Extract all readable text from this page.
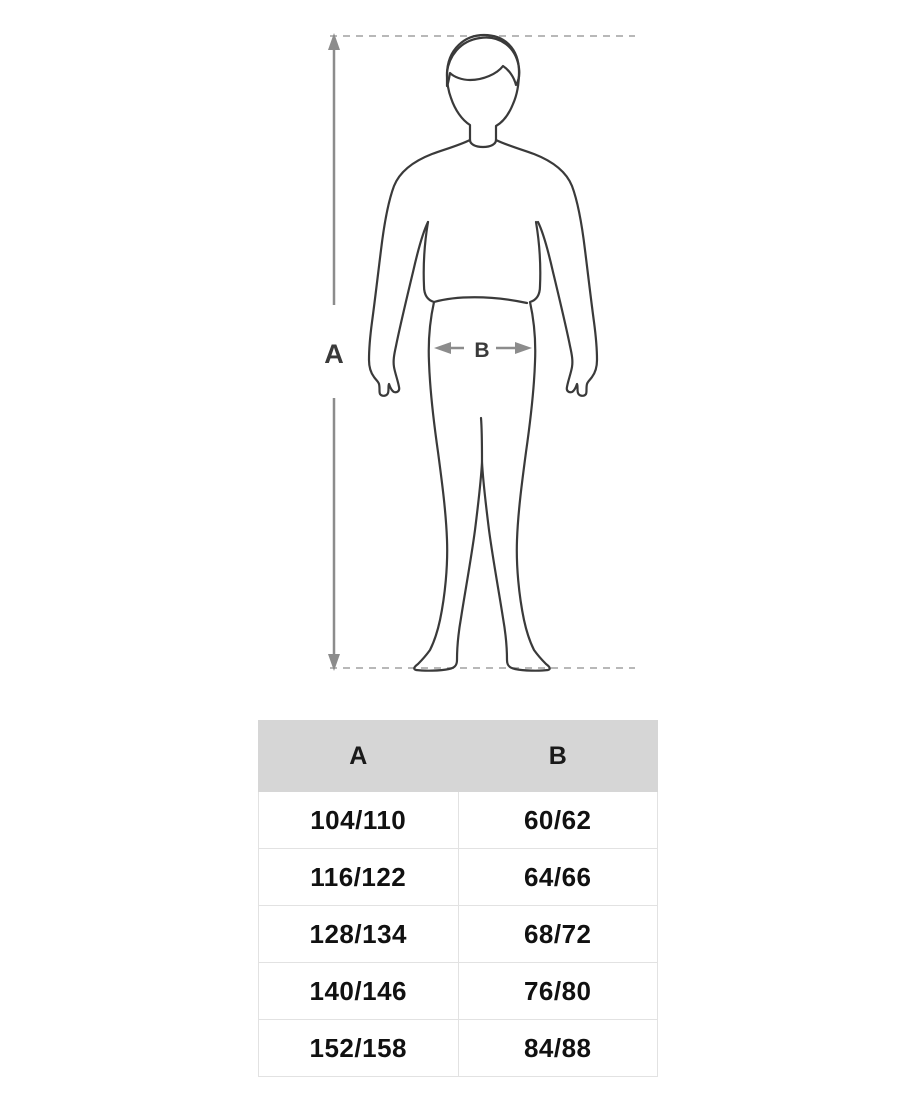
A	B
A	B
104/110	60/62
116/122	64/66
128/134	68/72
140/146	76/80
152/158	84/88
